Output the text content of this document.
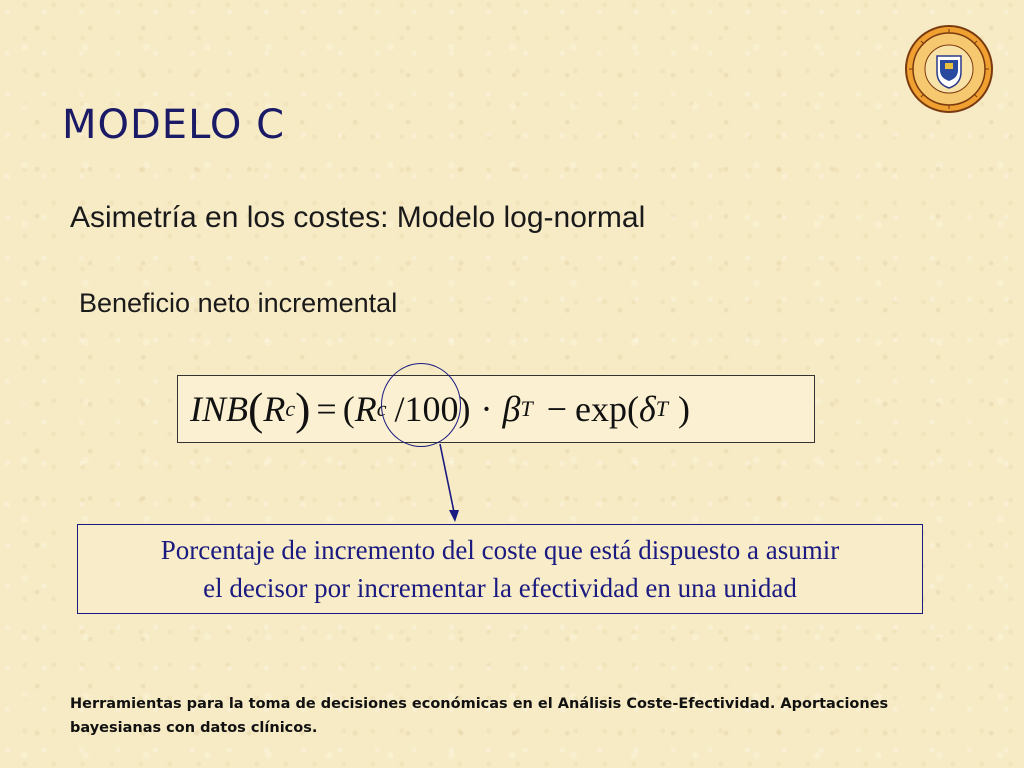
MODELO C
Asimetría en los costes: Modelo log-normal
Beneficio neto incremental
INB ( R c ) = ( R c / 100 ) · β T − exp ( δ T )
Porcentaje de incremento del coste que está dispuesto a asumir
el decisor por incrementar la efectividad en una unidad
Herramientas para la toma de decisiones económicas en el Análisis Coste-Efectividad. Aportaciones
bayesianas con datos clínicos.
